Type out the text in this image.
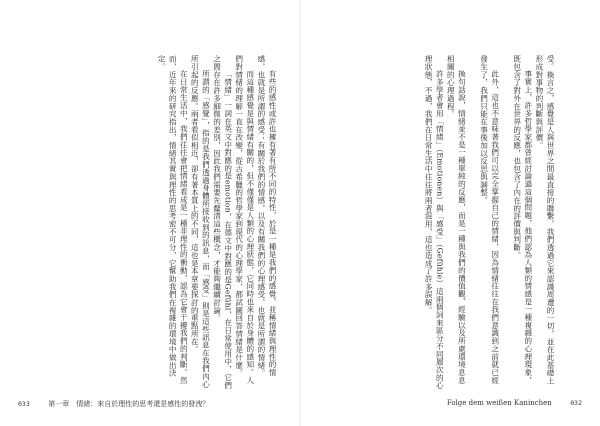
有些的感性或許也擁有著有所不同的特性，於是一種是我們的感覺，並稱情緒與理性的情感，也就是所謂的感受；有關於我們的情感，以及有關我們的心理感受，也就是所謂的情緒。

而這種感覺是與情緒有關的，但不僅僅是人類的心理狀態，它同時也來自於身體的感知。人們對情緒的理解一直在改變，從古希臘的哲學家到現代的心理學家，都試圖回答情緒是什麼。

「情緒」一詞在英文中對應的是emotion，在德文中對應的是Gefühl，在日常使用中，它們之間存在許多細微的差別，因此我們需要先釐清這些概念，才能夠繼續討論。

所謂的「感覺」，指的是我們透過身體所接收到的訊息，而「感受」則是這些訊息在我們內心所引起的反應。兩者看似相近，卻有著本質上的不同，這也是本章要探討的重點所在。

在日常生活中，我們往往會把情緒看成是一種非理性的衝動，認為它會干擾我們的判斷。然而，近年來的研究指出，情緒其實與理性的思考密不可分，它幫助我們在複雜的環境中做出決定。

033	第一章　情緒：來自於理性的思考還是感性的發洩？

受。換言之，感覺是人與世界之間最直接的聯繫，我們透過它來認識周遭的一切，並在此基礎上形成對事物的判斷與評價。

事實上，許多哲學家都曾經討論過這個問題，他們認為人類的情感是一種複雜的心理現象，既包含了對外在世界的反應，也包含了內在的評價與判斷。

此外，這也不意味著我們可以完全掌握自己的情緒，因為情緒往往在我們意識到之前就已經發生了，我們只能在事後加以反思與調整。

換句話說，情緒並不是一種單純的反應，而是一種與我們的價值觀、經驗以及所處環境息息相關的心理過程。

許多學者會用「情緒」（Emotionen）與「感受」（Gefühle）這兩個詞來區分不同層次的心理狀態，不過，我們在日常生活中往往將兩者混用，這也造成了許多誤解。

Folge dem weißen Kaninchen	032
